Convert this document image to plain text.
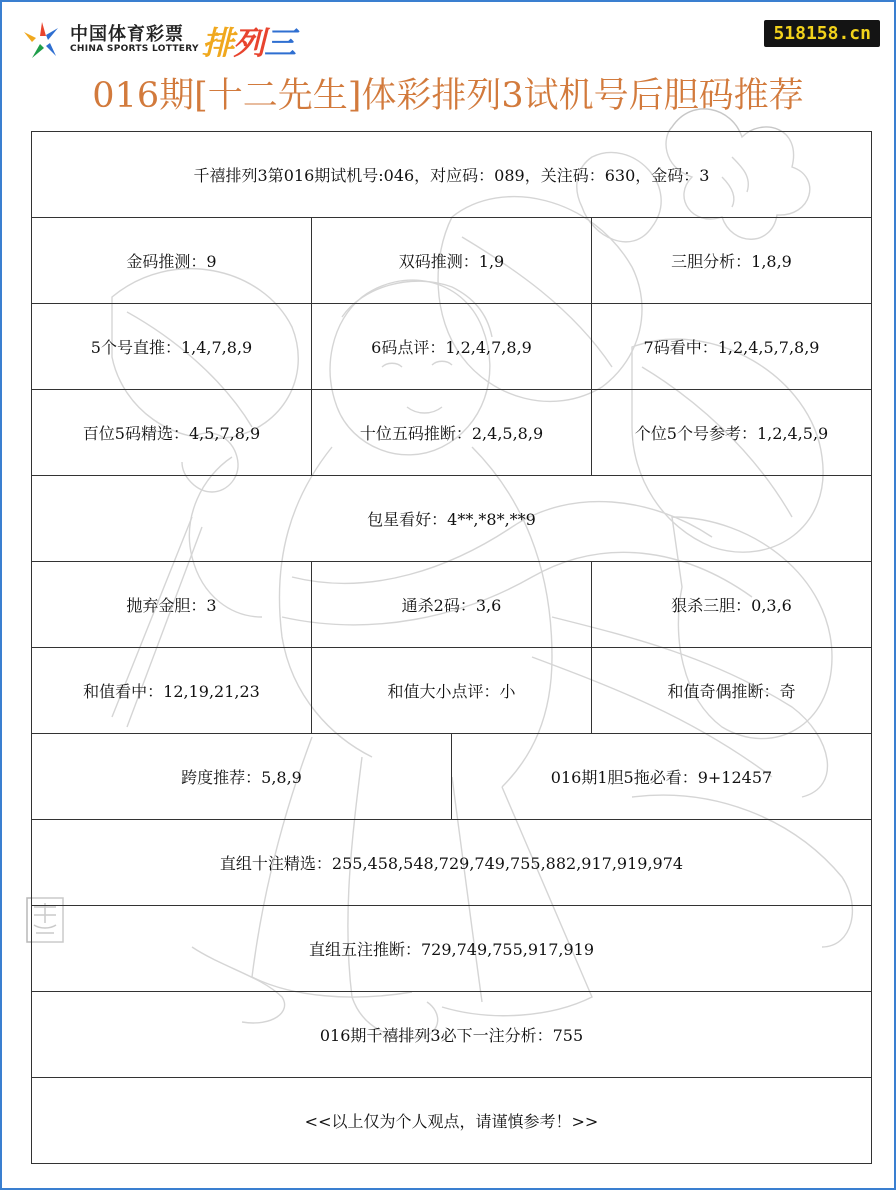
中国体育彩票
CHINA SPORTS LOTTERY 排列三	518158.cn
016期[十二先生]体彩排列3试机号后胆码推荐
千禧排列3第016期试机号:046，对应码：089，关注码：630，金码：3
金码推测：9	双码推测：1,9	三胆分析：1,8,9
5个号直推：1,4,7,8,9	6码点评：1,2,4,7,8,9	7码看中：1,2,4,5,7,8,9
百位5码精选：4,5,7,8,9	十位五码推断：2,4,5,8,9	个位5个号参考：1,2,4,5,9
包星看好：4**,*8*,**9
抛弃金胆：3	通杀2码：3,6	狠杀三胆：0,3,6
和值看中：12,19,21,23	和值大小点评：小	和值奇偶推断：奇
跨度推荐：5,8,9	016期1胆5拖必看：9+12457
直组十注精选：255,458,548,729,749,755,882,917,919,974
直组五注推断：729,749,755,917,919
016期千禧排列3必下一注分析：755
<<以上仅为个人观点，请谨慎参考！>>
